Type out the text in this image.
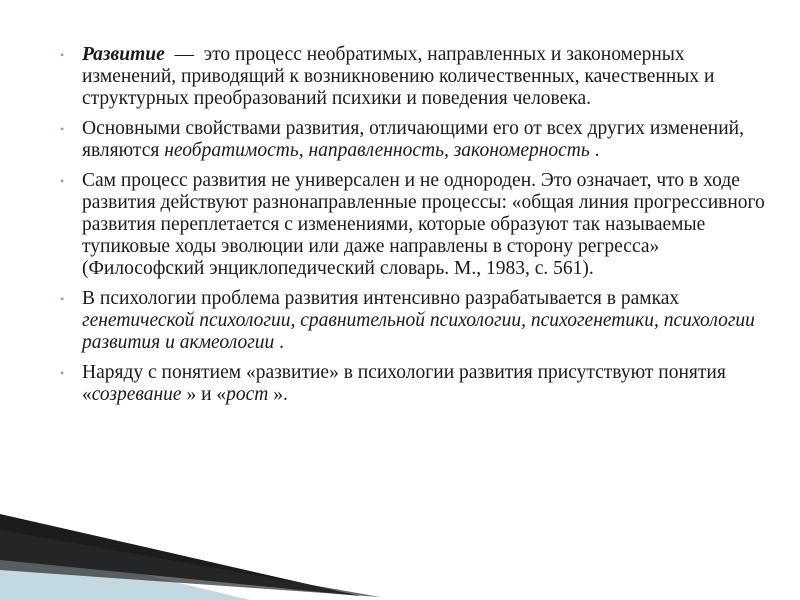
• Развитие  —  это процесс необратимых, направленных и закономерных изменений, приводящий к возникновению количественных, качественных и структурных преобразований психики и поведения человека.
• Основными свойствами развития, отличающими его от всех других изменений, являются необратимость, направленность, закономерность .
• Сам процесс развития не универсален и не однороден. Это означает, что в ходе развития действуют разнонаправленные процессы: «общая линия прогрессивного развития переплетается с изменениями, которые образуют так называемые тупиковые ходы эволюции или даже направлены в сторону регресса» (Философский энциклопедический словарь. М., 1983, с. 561).
• В психологии проблема развития интенсивно разрабатывается в рамках генетической психологии, сравнительной психологии, психогенетики, психологии развития и акмеологии .
• Наряду с понятием «развитие» в психологии развития присутствуют понятия «созревание » и «рост ».
